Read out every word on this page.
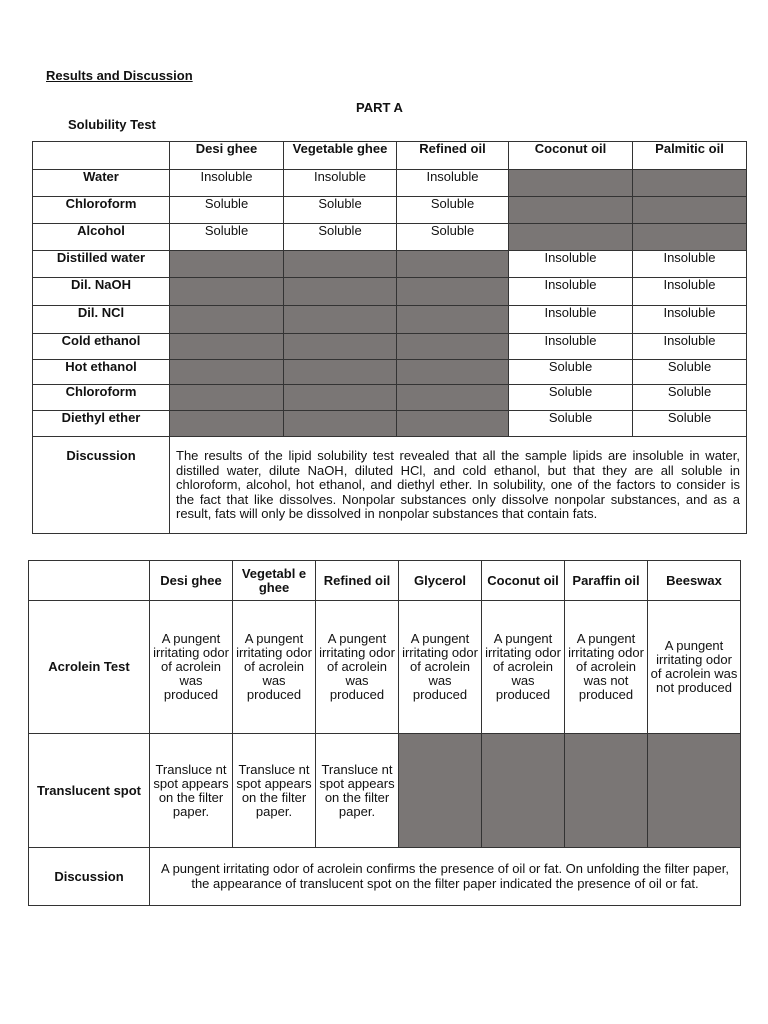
Results and Discussion
PART A
Solubility Test
	Desi ghee	Vegetable ghee	Refined oil	Coconut oil	Palmitic oil
Water	Insoluble	Insoluble	Insoluble		
Chloroform	Soluble	Soluble	Soluble		
Alcohol	Soluble	Soluble	Soluble		
Distilled water				Insoluble	Insoluble
Dil. NaOH				Insoluble	Insoluble
Dil. NCl				Insoluble	Insoluble
Cold ethanol				Insoluble	Insoluble
Hot ethanol				Soluble	Soluble
Chloroform				Soluble	Soluble
Diethyl ether				Soluble	Soluble
Discussion	The results of the lipid solubility test revealed that all the sample lipids are insoluble in water, distilled water, dilute NaOH, diluted HCl, and cold ethanol, but that they are all soluble in chloroform, alcohol, hot ethanol, and diethyl ether. In solubility, one of the factors to consider is the fact that like dissolves. Nonpolar substances only dissolve nonpolar substances, and as a result, fats will only be dissolved in nonpolar substances that contain fats.				
	Desi ghee	Vegetabl e ghee	Refined oil	Glycerol	Coconut oil	Paraffin oil	Beeswax
Acrolein Test	A pungent irritating odor of acrolein was produced	A pungent irritating odor of acrolein was produced	A pungent irritating odor of acrolein was produced	A pungent irritating odor of acrolein was produced	A pungent irritating odor of acrolein was produced	A pungent irritating odor of acrolein was not produced	A pungent irritating odor of acrolein was not produced
Translucent spot	Transluce nt spot appears on the filter paper.	Transluce nt spot appears on the filter paper.	Transluce nt spot appears on the filter paper.				
Discussion	A pungent irritating odor of acrolein confirms the presence of oil or fat. On unfolding the filter paper, the appearance of translucent spot on the filter paper indicated the presence of oil or fat.						
